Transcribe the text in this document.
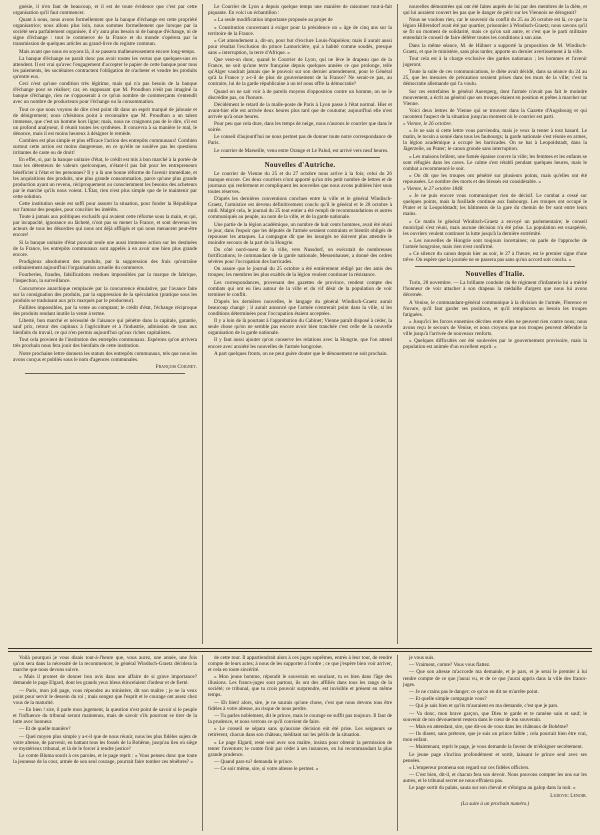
gnésie, il n'en faut de beaucoup, et il est de toute évidence que c'est par cette organisation qu'il faut commencer.

Quant à nous, nous avons formellement que la banque d'échange est cette propriété organisatrice; nous allons plus loin, nous sommes formellement que lorsque par la société sera parfaitement organisée, il n'y aura plus besoin ni de banque d'échange, ni de signe d'échange : tout le commerce de la France et du monde s'opérera par la transmission de quelques articles au grand-livre du registre commun.

Mais avant que nous en soyons là, il se passera malheureusement encore long-temps.

La banque d'échange ne paraît donc pas avoir toutes les vertus que quelques-uns en attendent. Il est vrai qu'avec l'engagement d'accepter le papier de cette banque pour tous les paiements, les sociétaires contractent l'obligation de n'acheter et vendre les produits qu'entre eux.

Ceci n'est qu'une condition très légitime, mais qui n'a pas besoin de la banque d'échange pour se réaliser; car, en supposant que M. Proudhon n'eût pas imaginé la banque d'échange, rien ne s'opposerait à ce qu'un nombre de commerçants s'entendît avec un nombre de producteurs pour l'échange ou la consommation.

Tout ce que nous voyons de dire n'est point dit dans un esprit marqué de jalousie et de dénigrement; nous n'hésitons point à reconnaître que M. Proudhon a un talent immense, que c'est un homme hors ligne; mais, nous ne craignons pas de le dire, s'il est un profond analyseur, il réunit toutes les synthèses. Il concevra à sa manière le mal, le dénonce, mais il est moins heureux à désigner le remède.

Combien est plus simple et plus efficace l'action des entrepôts communaux! Combien surtout cette action est moins dangereuse, en ce qu'elle ne soulève pas les questions irritantes de caste ou de droit!

En effet, si, par la banque unitaire d'état, le crédit est mis à bon marché à la portée de tous les détenteurs de valeurs quelconques, n'étant-il pas fait pour les entrepreneurs bénéficier à l'état et les personnes? Il y a là une bonne réforme de l'avenir immédiate, et les acquisitions des produits, une plus grande consommation, parce qu'une plus grande production ayant un revenu, réciproquement ou consciemment les besoins des acheteurs par le marché qu'ils nous voient. L'État, rien n'est plus simple que de le maintenir par cette solution.

Cette institution seule est suffi pour assurer la situation, pour fonder la République sur l'amour des peuples, pour concilier les intérêts.

Toute à jamais aux politiques exclusifs qui avaient cette réforme sous la main, et qui, par incapacité, ignorance ou lâcheté, n'ont pas su mener la France, et sont devenus les acteurs de tous les désordres qui nous ont déjà affligés et qui nous menacent peut-être encore!

Si la banque unitaire d'état pouvait seule une aussi immense action sur les destinées de la France, les entrepôts communaux sont appelés à en avoir une bien plus grande encore.

Prodigieux absolument des produits, par la suppression des frais qu'entraîne ordinairement aujourd'hui l'organisation actuelle du commerce.

Fourberies, fraudes, falsifications rendues impossibles par la marque de fabrique, l'inspection, la surveillance.

Concurrence anarchique remplacée par la concurrence émulative, par l'avance faite sur la consignation des produits, par la suppression de la spéculation (pratique sous les produits se traduisant aux prix marqués par le producteur).

Faillites impossibles, par la vente au comptant; le crédit d'état, l'échange réciproque des produits rendant inutile la vente à terme.

Liberté, bon marché et nécessité de l'aisance qui pénètre dans la capitale, garantie, sauf prix, retour des capitaux à l'agriculture et à l'industrie, admission de tous aux bienfaits du travail, ce qui n'en permis aujourd'hui qu'aux riches capitalistes.

Tout cela provient de l'institution des entrepôts communaux. Espérons qu'on arrivera très prochain nous fera jouir des bienfaits de cette institution.

Notre prochaine lettre donnera les statuts des entrepôts communaux, tels que nous les avons conçus et publiés sous le nom d'agences communales.

François Coignet.

Le Courrier de Lyon a depuis quelque temps une manière de raisonner tout-à-fait piquante. En voici un échantillon :

« La seule modification importante proposée au projet de

« Constitution concernant à exiger pour la présidence un « âge de cinq ans sur la territoire de la France.

« Cet amendement a, dit-on, pour but d'exclure Louis-Napoléon; mais il aurait aussi pour résultat l'exclusion du prince Lamoricière, qui a habité comme soudés, presque sans « interruption, la terre d'Afrique. »

Que veut-on donc, quand le Courrier de Lyon, qui ne lève le drapeau que de la France, ne soit qu'une terre française depuis quelques années ce que prolonge, telle qu'Alger vaudrait jamais que le pouvoir sur son dernier amendement, pour le Général qu'à la France y a-t-il de plus de gouvernement de la France? Ne serait-ce pas, au contraire, lui de la garde républicaine à un tel nous offre la démocratie?

Quand on ne sait voir à de pareils moyens d'opposition contre un homme, on ne le discrédite pas, on l'honore.

Décidément le retard de la malle-poste de Paris à Lyon passe à l'état normal. Hier et avant-hier elle est arrivée deux heures plus tard que de coutume; aujourd'hui elle n'est arrivée qu'à onze heures.

Pour peu que cela dure, dans les temps de neige, nous n'aurons le courrier que dans le soirée.

Le conseil d'aujourd'hui ne nous permet pas de donner toute notre correspondance de Paris.

Le courrier de Marseille, venu entre Orange et Le Palud, est arrivé vers neuf heures.

Nouvelles d'Autriche.

Le courrier de Vienne du 25 et du 27 octobre nous arrive à la fois; celui du 26 manque encore. Ces deux courriers n'ont apporté qu'un très petit nombre de lettres et de journaux qui renferment et compliquent les nouvelles que nous avons publiées hier sous toutes réserves.

D'après les dernières conventions conclues entre la ville et le général Windisch-Graetz, l'armistice est devenu définitivement conclu qu'il le général et le 28 octobre à midi. Malgré cela, le journal du 25 tout entier a été rempli de recommandations et autres communiqués au peuple, au nom de la ville, et de la garde nationale.

Une partie de la légion académique, un nombre de huit cents hommes, avait été réuni le jour, dans l'espoir que les députés de l'armée seraient contraints et bientôt obligés de repousser les attaques. La campagne dit que les insurgés ne doivent plus attendre le moindre secours de la part de la Hongrie.

Du côté nord-ouest de la ville, vers Nussdorf, on exécutait de nombreuses fortifications; le commandant de la garde nationale, Messenhauser, a donné des ordres sévères pour l'occupation des barricades.

On assure que le journal du 25 octobre a été entièrement rédigé par des amis des troupes; les membres les plus exaltés de la légion veulent continuer la résistance.

Les correspondances, provenant des gazettes de province, rendent compte des combats qui ont eu lieu autour de la ville et du vif désir de la population de voir terminer le conflit.

D'après les dernières nouvelles, le langage du général Windisch-Graetz aurait beaucoup changé ; il aurait annoncé que l'armée n'entrerait point dans la ville, si les conditions déterminées pour l'occupation étaient acceptées.

Il y a loin de là pourtant à l'approbation du Cabinet; Vienne paraît disposé à céder, la seule chose qu'on ne semble pas encore avoir bien tranchée c'est celle de la nouvelle organisation de la garde nationale.

Il y faut aussi ajouter qu'on conserve les relations avec la Hongrie, que l'on attend encore avec anxiété les nouvelles de l'armée hongroise.

A part quelques fronts, on ne peut guère douter que le dénouement ne soit prochain.

nouvelles démontrées qui ont été faites auprès de lui par des membres de la diète, et qui lui auraient couvert les pas que le danger de périr sur les Viennois ne dérogeait?

Nous ne voulons rien, car le souvenir du conflit du 25 au 26 octobre est là, ce que la légion Hillersdorf avait été par quartier, prisonnier à Windisch-Graetz; nous savons qu'il se fit un moment de solidarité, mais ce qu'on sait autre, et c'est que le parti militaire entendait le conseil de faire déférer toutes les conditions à son aise.

Dans la même séance, M. de Hübner a supporté la proposition de M. Windisch-Graetz, et que le ministère, sans plus tarder, apporte un dernier avertissement à la ville.

Tout cela est à la charge exclusive des gardes nationaux ; les hommes et l'avenir jugeront.

Toute la suite de ces communications, le diète avait décidé, dans sa séance du 24 au 25, que les mesures de précaution seraient prises dans les murs de la ville; c'est la démocratie allemande qui l'a voulu.

Sur ces entrefaites le général Auersperg, dont l'armée n'avait pas fait le moindre mouvement, a écrit au général que ses troupes étaient en position et prêtes à marcher sur Vienne.

Voici deux lettres de Vienne qui se trouvent dans la Gazette d'Augsbourg et qui racontent l'aspect de la situation jusqu'au moment où le courrier est parti.

« Vienne, le 26 octobre.

« Je ne sais si cette lettre vous parviendra, mais je veux la tenter à tout hasard. Le matin, le tocsin a sonné dans tous les faubourgs; la garde nationale s'est réunie en armes, la légion académique a occupé les barricades. On se bat à Leopoldstadt, dans la Jägerzeile, au Prater; le canon gronde sans interruption.

« Les maisons brûlent, une fumée épaisse couvre la ville; les femmes et les enfants se sont réfugiés dans les caves. Le calme s'est rétabli pendant quelques heures, mais le combat a recommencé le soir.

« On dit que les troupes ont pénétré sur plusieurs points, mais qu'elles ont été repoussées. Le nombre des morts et des blessés est considérable. »

« Vienne, le 27 octobre 1848.

« Je ne puis encore vous communiquer rien de décisif. Le combat a cessé sur quelques points, mais la fusillade continue aux faubourgs. Les troupes ont occupé le Prater et la Leopoldstadt; les bâtiments de la gare du chemin de fer sont entre leurs mains.

« Ce matin le général Windisch-Graetz a envoyé un parlementaire; le conseil municipal s'est réuni, mais aucune décision n'a été prise. La population est exaspérée, les ouvriers veulent continuer la lutte jusqu'à la dernière extrémité.

« Les nouvelles de Hongrie sont toujours incertaines; on parle de l'approche de l'armée hongroise, mais rien n'est confirmé.

« Ce silence du canon depuis hier au soir, le 27 à l'heure, est le premier signe d'une trêve. On espère que la journée ne se passera pas sans qu'un accord soit conclu. »

Nouvelles d'Italie.

Turin, 28 novembre. — La brillante conduite du 8e régiment d'infanterie lui a mérité l'honneur de voir attacher à son drapeau la médaille d'argent que nous lui avons décernée.

A Venise, le commandant-général communique à la division de l'armée, Florence et Novare, qu'il faut garder ses positions, et qu'il remplacera au besoin les troupes fatiguées.

« Jusqu'ici les forces ennemies décrites entre elles ne peuvent rien contre nous; nous avons reçu le secours de Venise, et nous croyons que nos troupes peuvent défendre la ville jusqu'à l'arrivée de nouveaux renforts.

« Quelques difficultés ont été soulevées par le gouvernement provisoire, mais la population est animée d'un excellent esprit. »

Voilà pourquoi je vous disais tout-à-l'heure que, vous aurez, une année, une fois qu'on sera dans la nécessité de la recommencer, le général Windisch-Graetz décidera la marche que nous devons suivre.

« Mais il promet de donner bon avis dans une affaire de si grave importance? demande le page Elgard, dont les grands yeux bleus étincelaient d'ardeur et de fierté.

— Paris, mon joli page, vous répondez au ministère, dit son maître ; je ne la veux point pour servir le dessein du roi ; mais songez que l'esprit et le courage ont assez chez vous de la maturité.

— En bien ! sire, il parle mon jugement, la question n'est point de savoir si le peuple et l'influence du tribunal seront maintenus, mais de savoir s'ils pourront se tirer de la lutte avec honneur.

— Et de quelle manière?

— Quel moyen plus simple y a-t-il que de nous réunir, nous les plus fidèles sujets de votre altesse, de parvenir, en battant tous les fossés de la Bohême, jusqu'au lieu où siège ce mystérieux tribunal, et là de le forcer à rendre justice?

Le comte Bluma sourit à ces paroles, et le page reprit : « Vous pensez donc que toute la jeunesse de la cour, armée de son seul courage, pourrait faire tomber ces ténèbres? »

de cette tour. Il appartiendrait alors à ces juges suprêmes, entrés à leur tour, de rendre compte de leurs actes; à nous de les supporter à l'ordre ; ce que j'espère bien voir arriver, et cela en toute sincérité.

« Mon jeune homme, répondit le souverain en souriant, tu es bien dans l'âge des illusions. Les francs-juges sont partout, ils ont des affiliés dans tous les rangs de la société; ce tribunal, que tu crois pouvoir surprendre, est invisible et présent en même temps.

— Eh bien! alors, sire, je ne saurais qu'une chose, c'est que nous devons tous être fidèles à votre altesse, au risque de nous perdre.

— Tu parles noblement, dit le prince, mais le courage ne suffit pas toujours. Il faut de la prudence, et nous verrons ce qu'il convient de faire.

« Le conseil se sépara sans qu'aucune décision eût été prise. Les seigneurs se retirèrent, chacun dans son château, méditant sur les périls de la situation.

« Le page Elgard, resté seul avec son maître, insista pour obtenir la permission de tenter l'aventure; le comte finit par céder à ses instances, en lui recommandant la plus grande prudence.

— Quand pars-tu? demanda le prince.

— Ce soir même, sire, si votre altesse le permet. »

je vous suis.

— Vraiment, comte? Vous vous flattez.

— Que son altesse m'accorde ma demande, et je pars, et je serai le premier à lui rendre compte de ce que j'aurai vu, et de ce que j'aurai appris dans la ville des francs-juges.

— Je ne crains pas le danger; ce qu'on en dit ne m'arrête point.

— Et quelle simple compagnie vous?

— Qui je sais bien et qu'ils m'auraient en ma demande, c'est que je pars.

— Va donc, mon brave garçon, que Dieu te garde et te ramène sain et sauf; le souvenir de ton dévouement restera dans le cœur de ton souverain.

— Mais en attendant, sire, que dit-on de vous dans les châteaux de Bohême?

— Ils disent, sans prétexte, que je suis un prince faible ; cela pourrait bien être vrai, mon enfant.

— Maintenant, reprit le page, je vous demande la faveur de m'éloigner secrètement.

Le jeune page s'inclina profondément et sortit, laissant le prince seul avec ses pensées.

« L'empereur promena son regard sur ces fidèles officiers.

— C'est bien, dit-il, et chacun fera son devoir. Nous pouvons compter les uns sur les autres, et le tribunal secret ne nous effraiera pas.

Le page sortit du palais, sauta sur son cheval et s'éloigna au galop dans la nuit. »

Ludovic Lenoir.
(La suite à un prochain numéro.)
